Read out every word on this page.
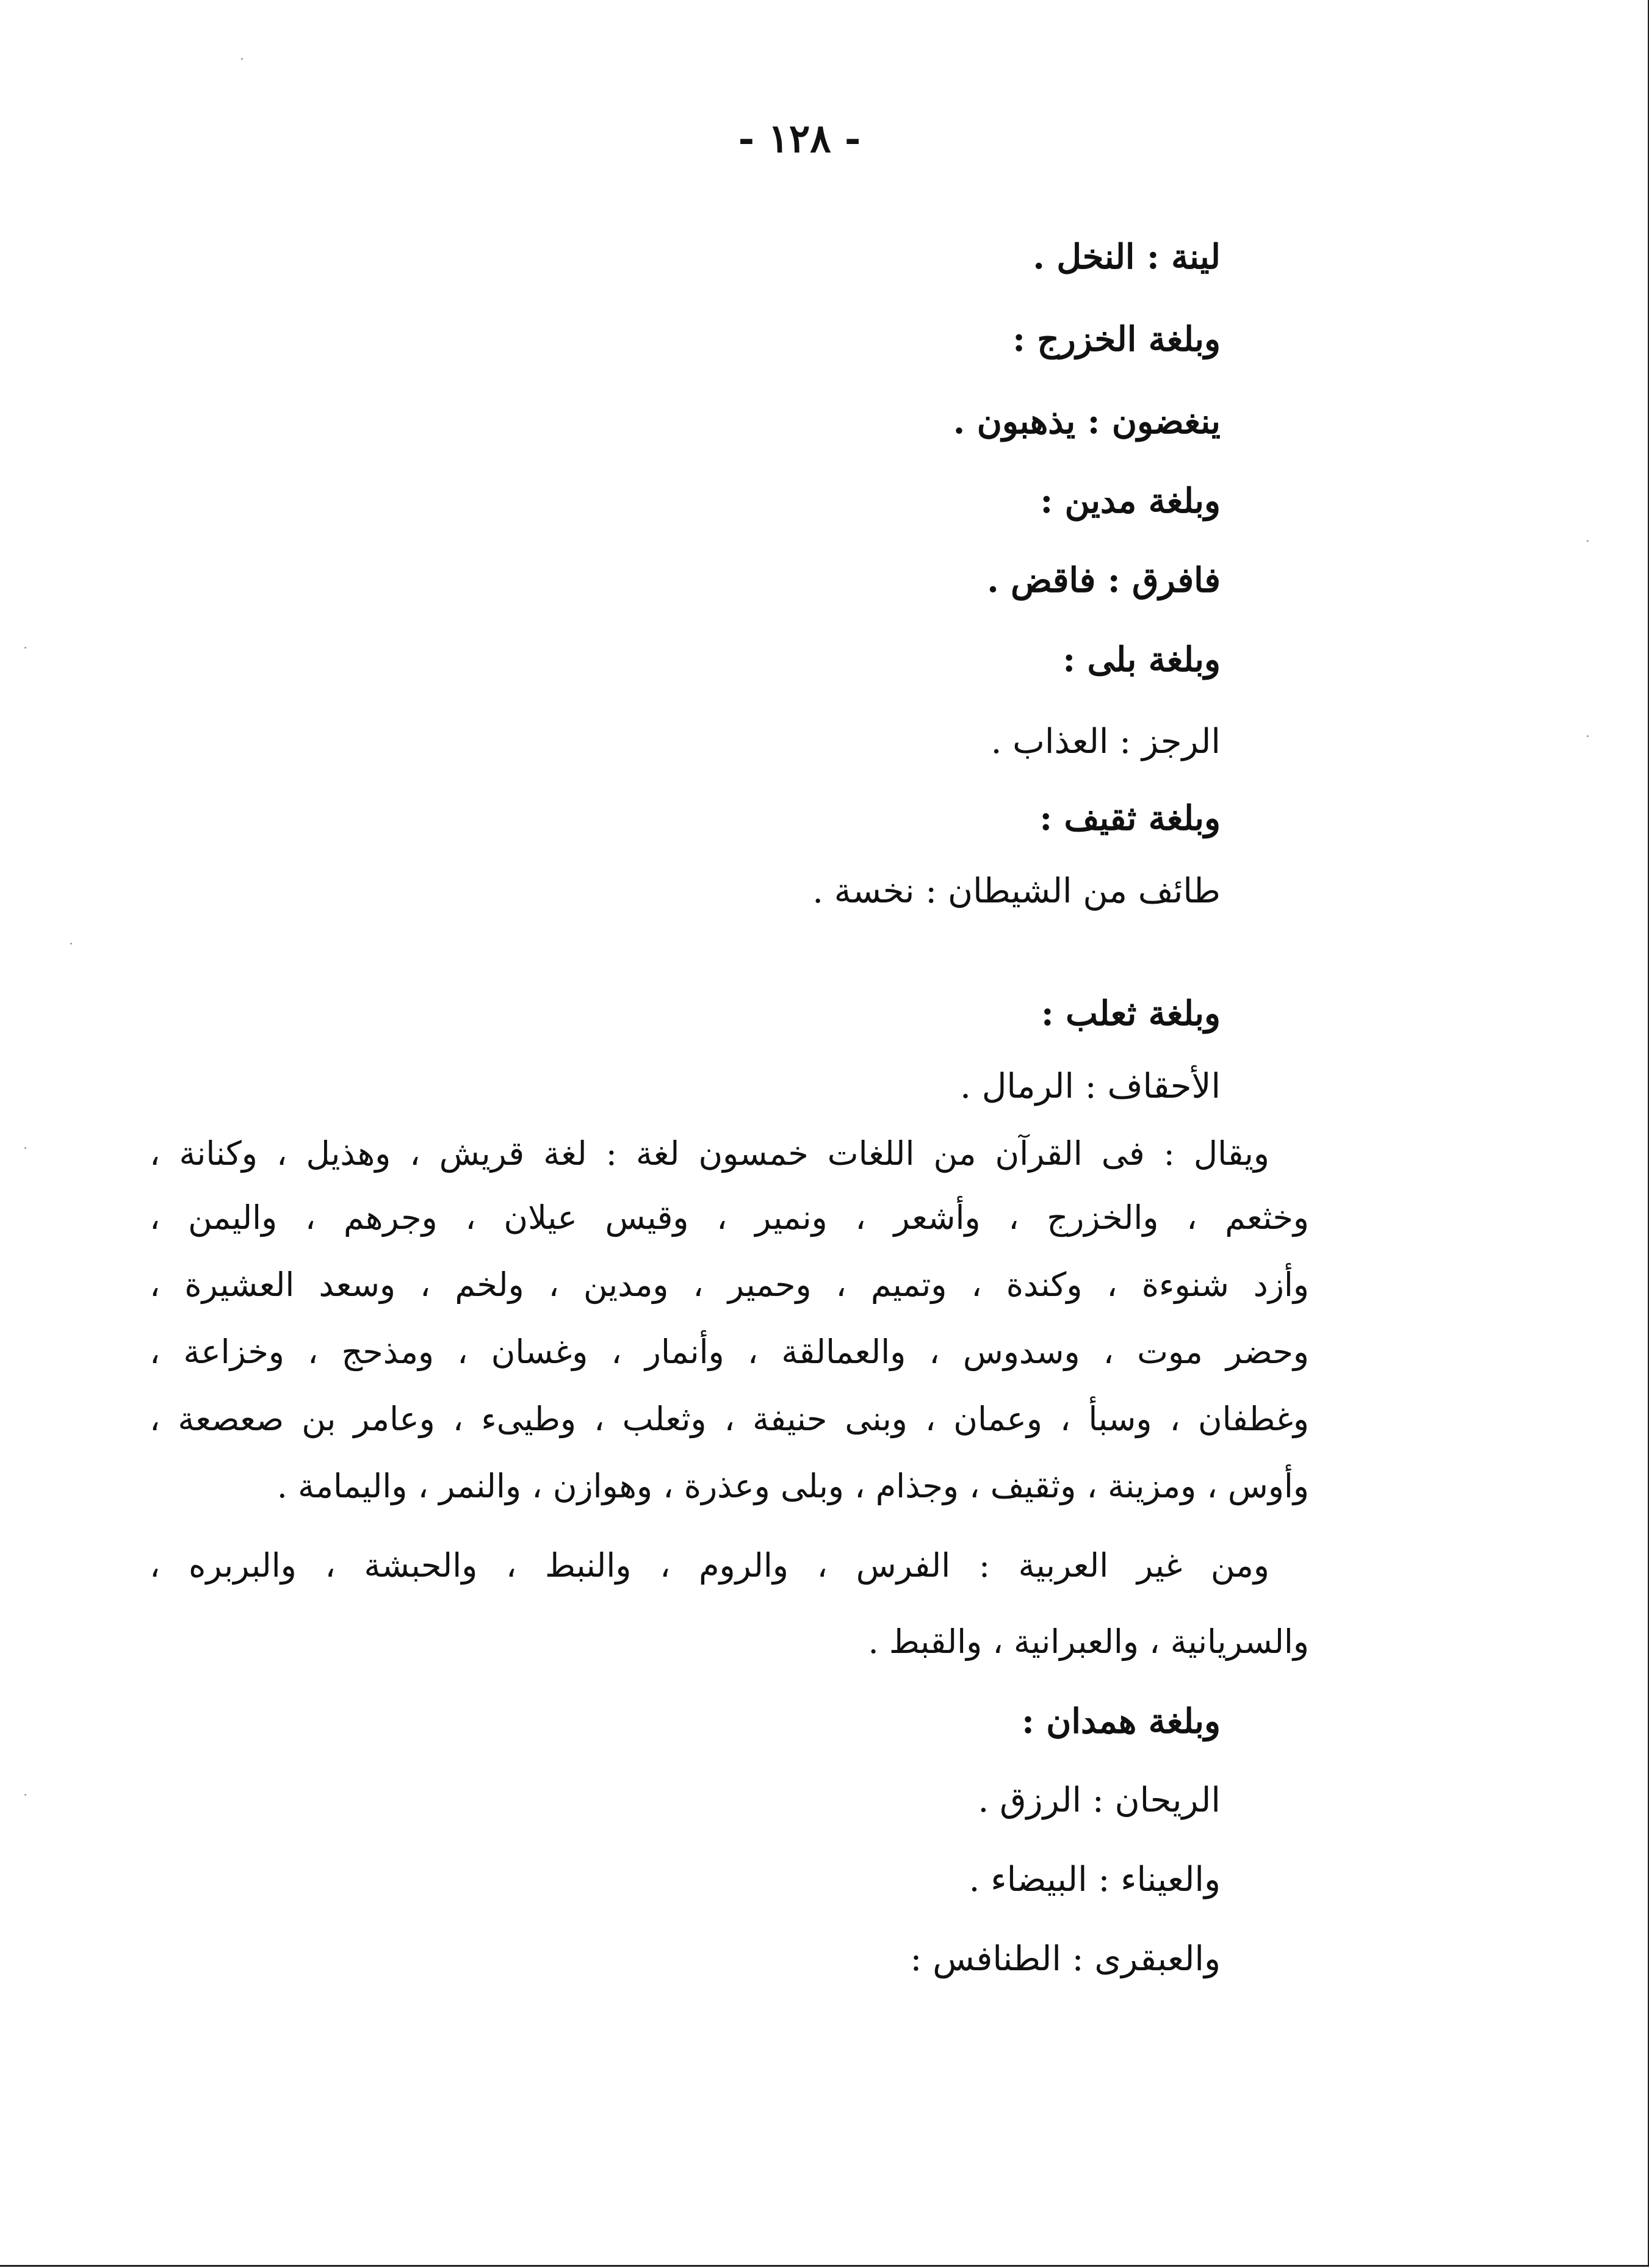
- ١٢٨ -
لينة : النخل .
وبلغة الخزرج :
ينغضون : يذهبون .
وبلغة مدين :
فافرق : فاقض .
وبلغة بلى :
الرجز : العذاب .
وبلغة ثقيف :
طائف من الشيطان : نخسة .
وبلغة ثعلب :
الأحقاف : الرمال .
ويقال : فى القرآن من اللغات خمسون لغة : لغة قريش ، وهذيل ، وكنانة ،
وخثعم ، والخزرج ، وأشعر ، ونمير ، وقيس عيلان ، وجرهم ، واليمن ،
وأزد شنوءة ، وكندة ، وتميم ، وحمير ، ومدين ، ولخم ، وسعد العشيرة ،
وحضر موت ، وسدوس ، والعمالقة ، وأنمار ، وغسان ، ومذحج ، وخزاعة ،
وغطفان ، وسبأ ، وعمان ، وبنى حنيفة ، وثعلب ، وطيىء ، وعامر بن صعصعة ،
وأوس ، ومزينة ، وثقيف ، وجذام ، وبلى وعذرة ، وهوازن ، والنمر ، واليمامة .
ومن غير العربية : الفرس ، والروم ، والنبط ، والحبشة ، والبربره ،
والسريانية ، والعبرانية ، والقبط .
وبلغة همدان :
الريحان : الرزق .
والعيناء : البيضاء .
والعبقرى : الطنافس :
